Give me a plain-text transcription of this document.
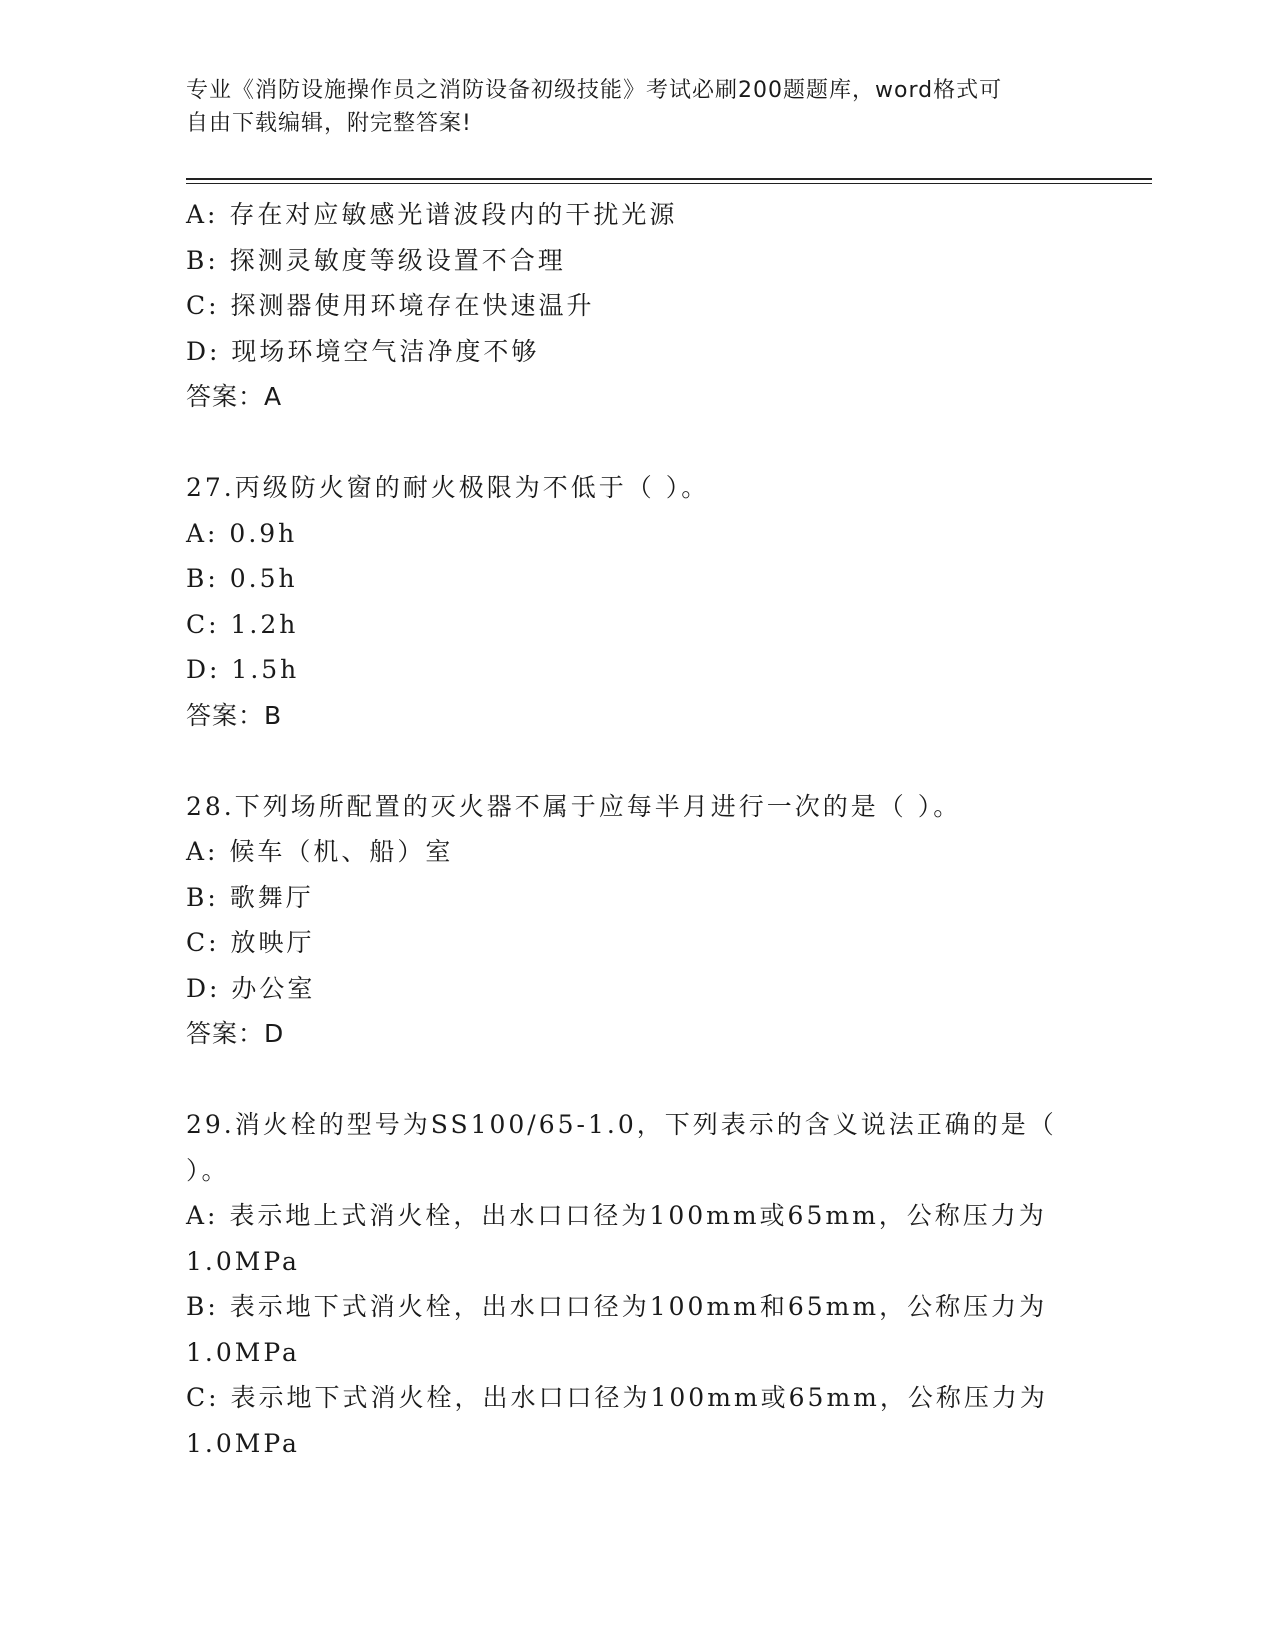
专业《消防设施操作员之消防设备初级技能》考试必刷200题题库，word格式可
自由下载编辑，附完整答案!
A: 存在对应敏感光谱波段内的干扰光源
B: 探测灵敏度等级设置不合理
C: 探测器使用环境存在快速温升
D: 现场环境空气洁净度不够
答案：A
27.丙级防火窗的耐火极限为不低于（ ）。
A: 0.9h
B: 0.5h
C: 1.2h
D: 1.5h
答案：B
28.下列场所配置的灭火器不属于应每半月进行一次的是（ ）。
A: 候车（机、船）室
B: 歌舞厅
C: 放映厅
D: 办公室
答案：D
29.消火栓的型号为SS100/65-1.0，下列表示的含义说法正确的是（
）。
A: 表示地上式消火栓，出水口口径为100mm或65mm，公称压力为
1.0MPa
B: 表示地下式消火栓，出水口口径为100mm和65mm，公称压力为
1.0MPa
C: 表示地下式消火栓，出水口口径为100mm或65mm，公称压力为
1.0MPa
